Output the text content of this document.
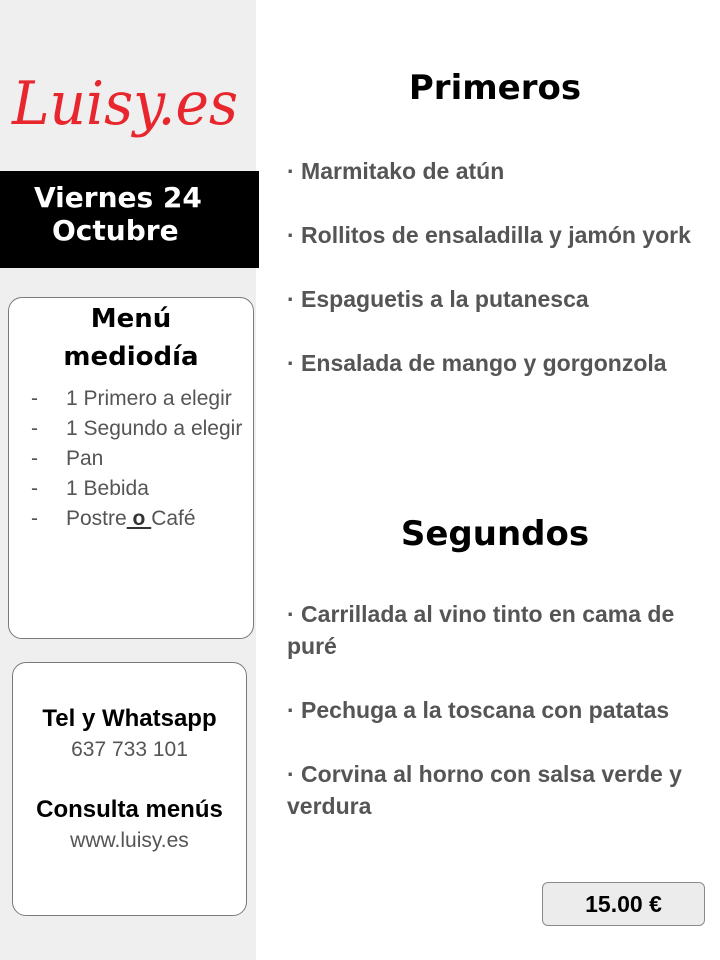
Luisy.es
Viernes 24
Octubre
Menú
mediodía
- 1 Primero a elegir
- 1 Segundo a elegir
- Pan
- 1 Bebida
- Postre o Café
Tel y Whatsapp
637 733 101
Consulta menús
www.luisy.es
Primeros
· Marmitako de atún
· Rollitos de ensaladilla y jamón york
· Espaguetis a la putanesca
· Ensalada de mango y gorgonzola
Segundos
· Carrillada al vino tinto en cama de puré
· Pechuga a la toscana con patatas
· Corvina al horno con salsa verde y verdura
15.00 €
